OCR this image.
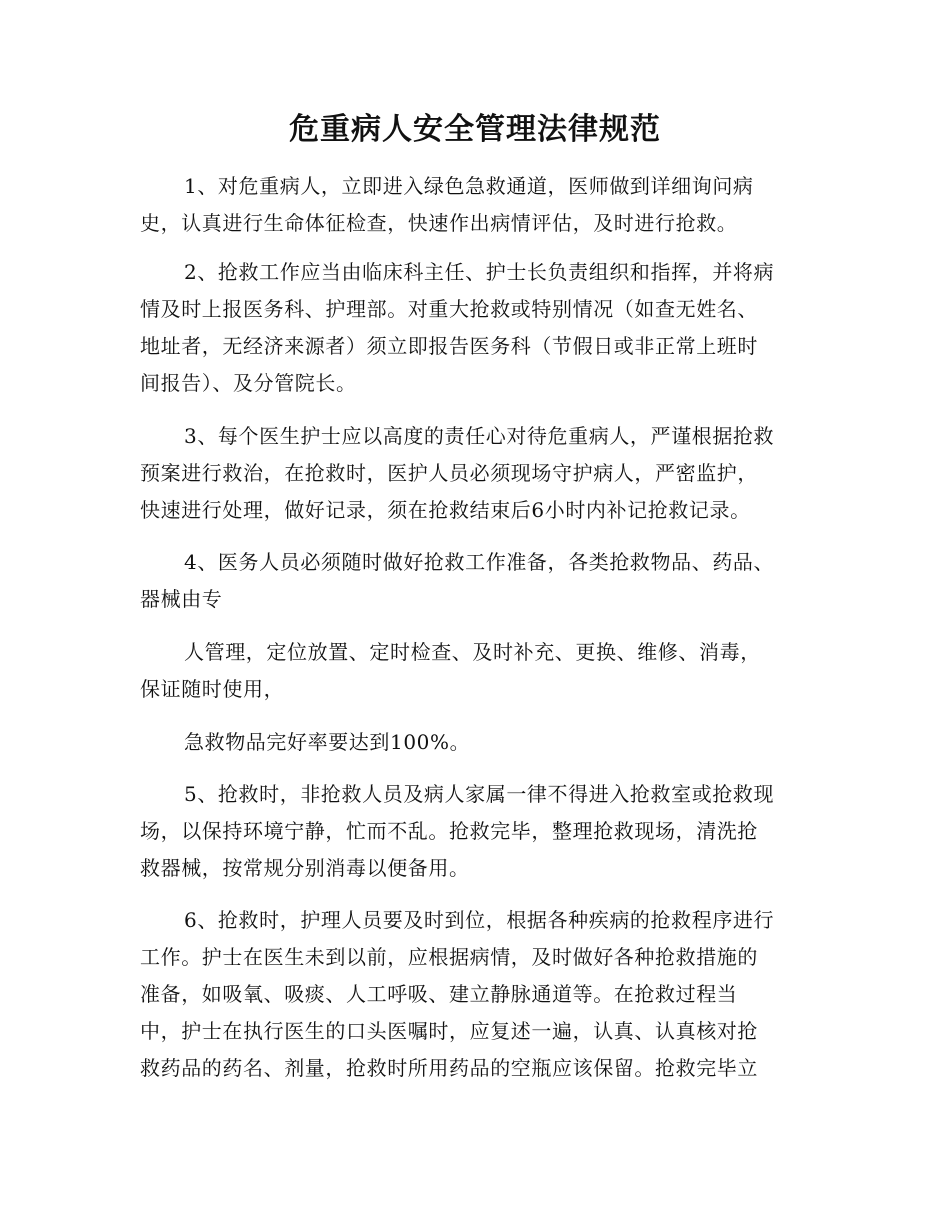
危重病人安全管理法律规范
1、对危重病人，立即进入绿色急救通道，医师做到详细询问病
史，认真进行生命体征检查，快速作出病情评估，及时进行抢救。
2、抢救工作应当由临床科主任、护士长负责组织和指挥，并将病
情及时上报医务科、护理部。对重大抢救或特别情况（如查无姓名、
地址者，无经济来源者）须立即报告医务科（节假日或非正常上班时
间报告）、及分管院长。
3、每个医生护士应以高度的责任心对待危重病人，严谨根据抢救
预案进行救治，在抢救时，医护人员必须现场守护病人，严密监护，
快速进行处理，做好记录，须在抢救结束后6小时内补记抢救记录。
4、医务人员必须随时做好抢救工作准备，各类抢救物品、药品、
器械由专
人管理，定位放置、定时检查、及时补充、更换、维修、消毒，
保证随时使用，
急救物品完好率要达到100%。
5、抢救时，非抢救人员及病人家属一律不得进入抢救室或抢救现
场，以保持环境宁静，忙而不乱。抢救完毕，整理抢救现场，清洗抢
救器械，按常规分别消毒以便备用。
6、抢救时，护理人员要及时到位，根据各种疾病的抢救程序进行
工作。护士在医生未到以前，应根据病情，及时做好各种抢救措施的
准备，如吸氧、吸痰、人工呼吸、建立静脉通道等。在抢救过程当
中，护士在执行医生的口头医嘱时，应复述一遍，认真、认真核对抢
救药品的药名、剂量，抢救时所用药品的空瓶应该保留。抢救完毕立
